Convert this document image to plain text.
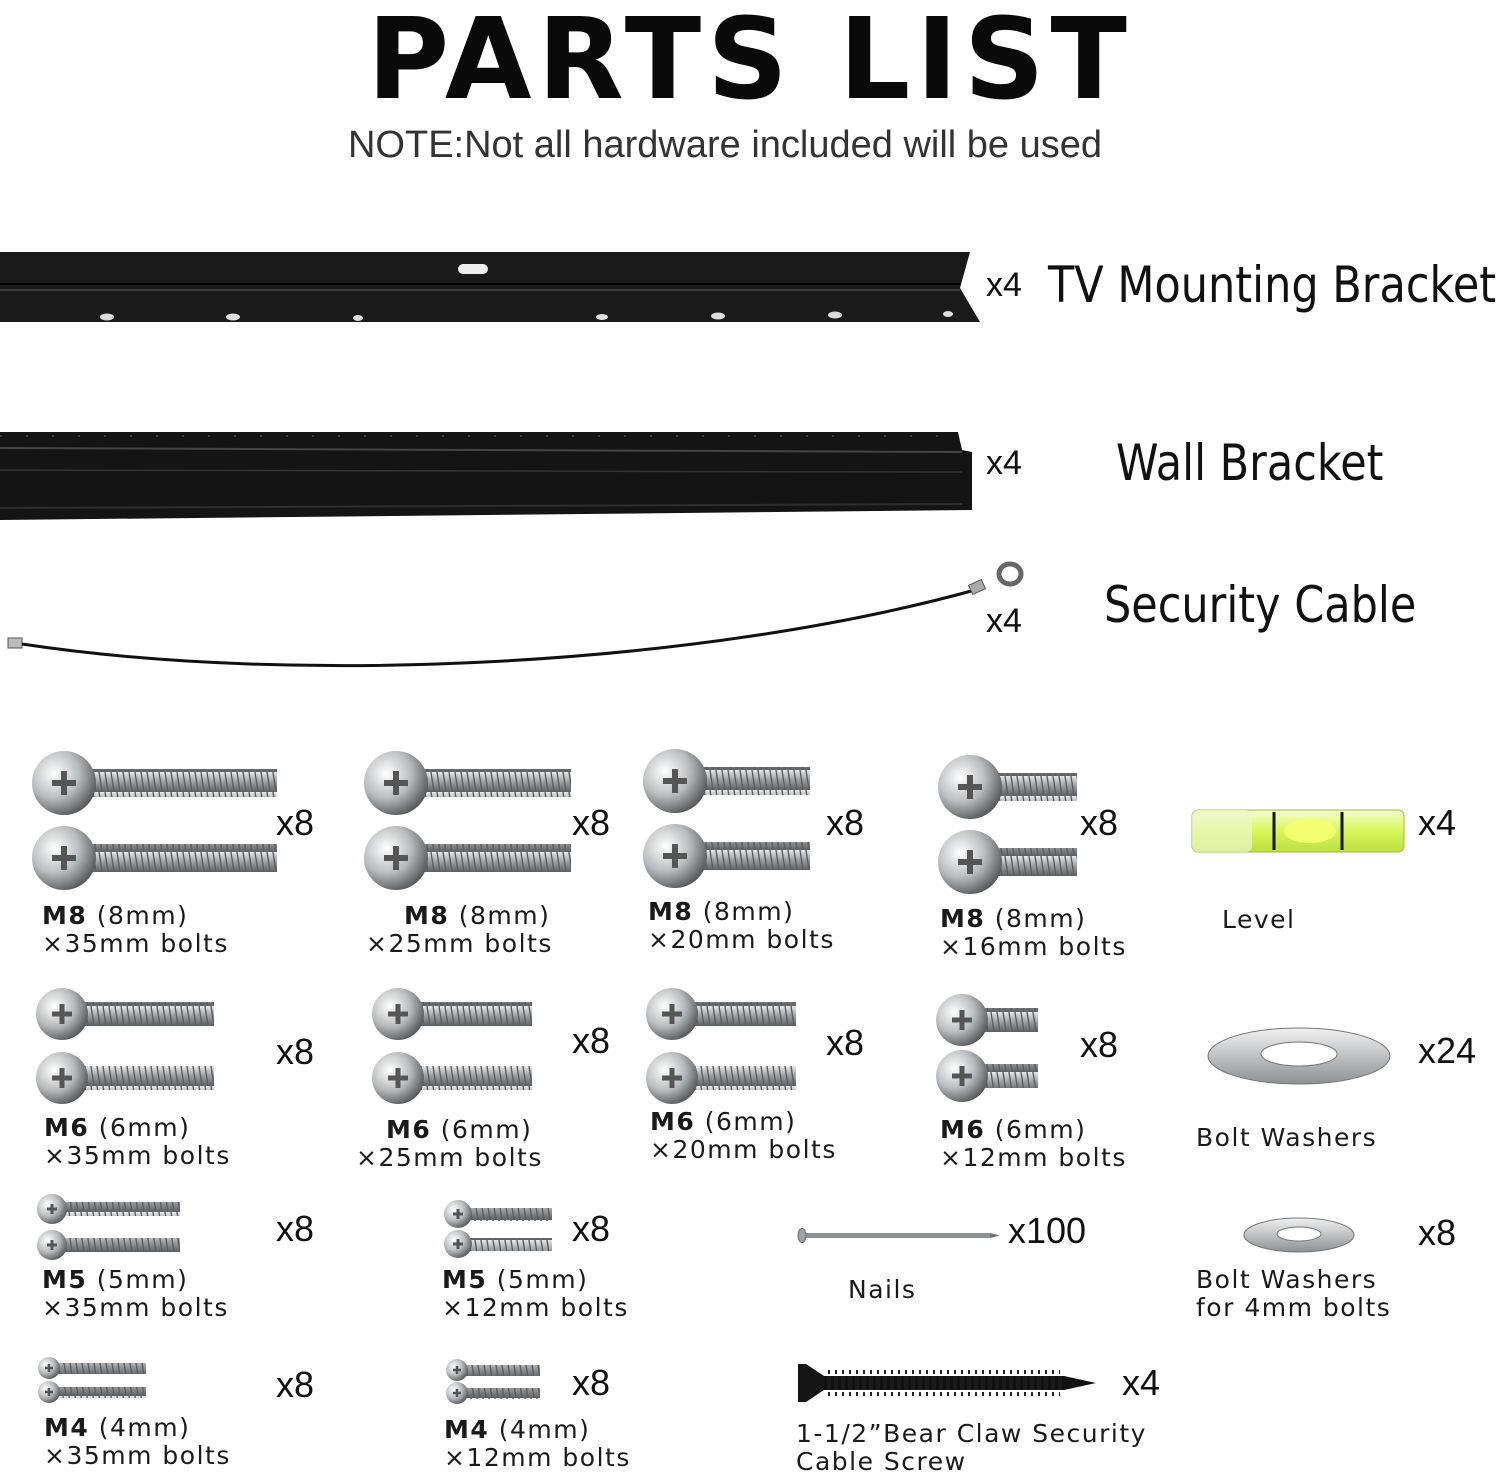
PARTS LIST
NOTE:Not all hardware included will be used
x4 TV Mounting Bracket
x4 Wall Bracket
x4 Security Cable
x8
M8 (8mm)
×35mm bolts
x8
M8 (8mm)
×25mm bolts
x8
M8 (8mm)
×20mm bolts
x8
M8 (8mm)
×16mm bolts
x4
Level
x8
M6 (6mm)
×35mm bolts
x8
M6 (6mm)
×25mm bolts
x8
M6 (6mm)
×20mm bolts
x8
M6 (6mm)
×12mm bolts
x24
Bolt Washers
x8
M5 (5mm)
×35mm bolts
x8
M5 (5mm)
×12mm bolts
x100
Nails
x8
Bolt Washers
for 4mm bolts
x8
M4 (4mm)
×35mm bolts
x8
M4 (4mm)
×12mm bolts
x4
1-1/2”Bear Claw Security
Cable Screw
